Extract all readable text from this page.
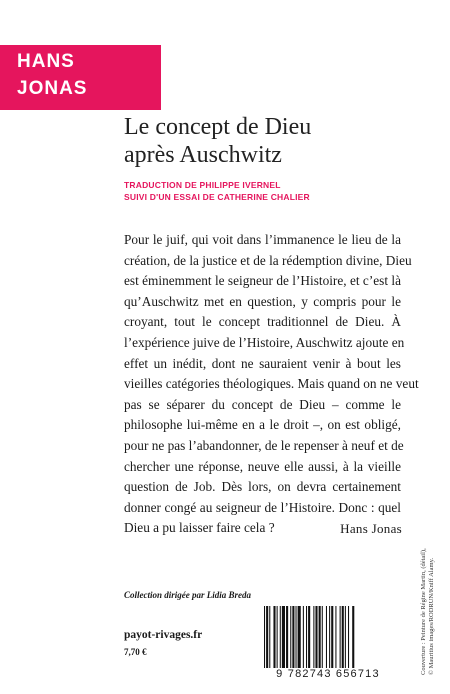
HANS
JONAS
Le concept de Dieu
après Auschwitz
TRADUCTION DE PHILIPPE IVERNEL
SUIVI D'UN ESSAI DE CATHERINE CHALIER
Pour le juif, qui voit dans l’immanence le lieu de la
création, de la justice et de la rédemption divine, Dieu
est éminemment le seigneur de l’Histoire, et c’est là
qu’Auschwitz met en question, y compris pour le
croyant, tout le concept traditionnel de Dieu. À
l’expérience juive de l’Histoire, Auschwitz ajoute en
effet un inédit, dont ne sauraient venir à bout les
vieilles catégories théologiques. Mais quand on ne veut
pas se séparer du concept de Dieu – comme le
philosophe lui-même en a le droit –, on est obligé,
pour ne pas l’abandonner, de le repenser à neuf et de
chercher une réponse, neuve elle aussi, à la vieille
question de Job. Dès lors, on devra certainement
donner congé au seigneur de l’Histoire. Donc : quel
Dieu a pu laisser faire cela ?	Hans Jonas
Collection dirigée par Lidia Breda
payot-rivages.fr
7,70 €
9 782743 656713	Couverture : Peinture de Régine Martin, (détail), © Mauritius images/RODRUN/Kniff Alamy.
